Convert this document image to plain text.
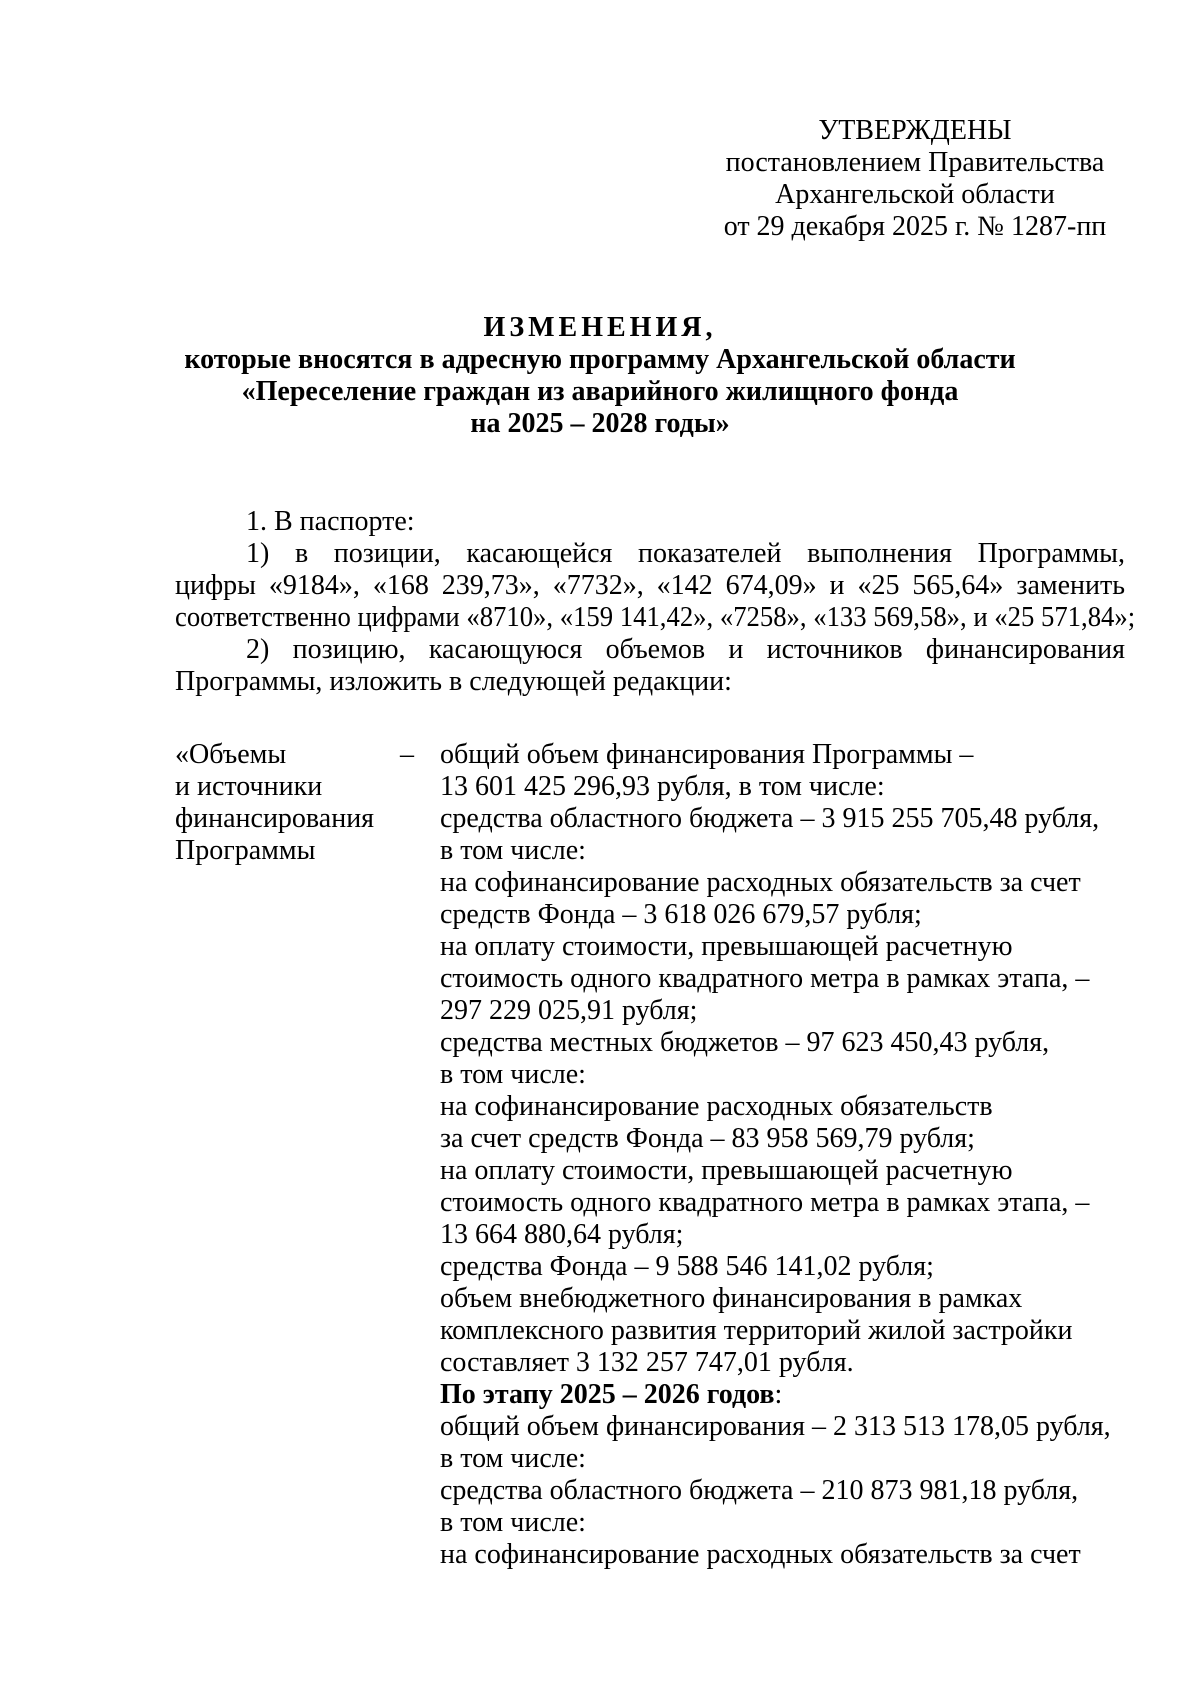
УТВЕРЖДЕНЫ
постановлением Правительства
Архангельской области
от 29 декабря 2025 г. № 1287-пп
ИЗМЕНЕНИЯ,
которые вносятся в адресную программу Архангельской области
«Переселение граждан из аварийного жилищного фонда
на 2025 – 2028 годы»
1. В паспорте:
1) в позиции, касающейся показателей выполнения Программы,
цифры «9184», «168 239,73», «7732», «142 674,09» и «25 565,64» заменить
соответственно цифрами «8710», «159 141,42», «7258», «133 569,58», и «25 571,84»;
2) позицию, касающуюся объемов и источников финансирования
Программы, изложить в следующей редакции:
«Объемы
и источники
финансирования
Программы
– общий объем финансирования Программы –
13 601 425 296,93 рубля, в том числе:
средства областного бюджета – 3 915 255 705,48 рубля,
в том числе:
на софинансирование расходных обязательств за счет
средств Фонда – 3 618 026 679,57 рубля;
на оплату стоимости, превышающей расчетную
стоимость одного квадратного метра в рамках этапа, –
297 229 025,91 рубля;
средства местных бюджетов – 97 623 450,43 рубля,
в том числе:
на софинансирование расходных обязательств
за счет средств Фонда – 83 958 569,79 рубля;
на оплату стоимости, превышающей расчетную
стоимость одного квадратного метра в рамках этапа, –
13 664 880,64 рубля;
средства Фонда – 9 588 546 141,02 рубля;
объем внебюджетного финансирования в рамках
комплексного развития территорий жилой застройки
составляет 3 132 257 747,01 рубля.
По этапу 2025 – 2026 годов:
общий объем финансирования – 2 313 513 178,05 рубля,
в том числе:
средства областного бюджета – 210 873 981,18 рубля,
в том числе:
на софинансирование расходных обязательств за счет
